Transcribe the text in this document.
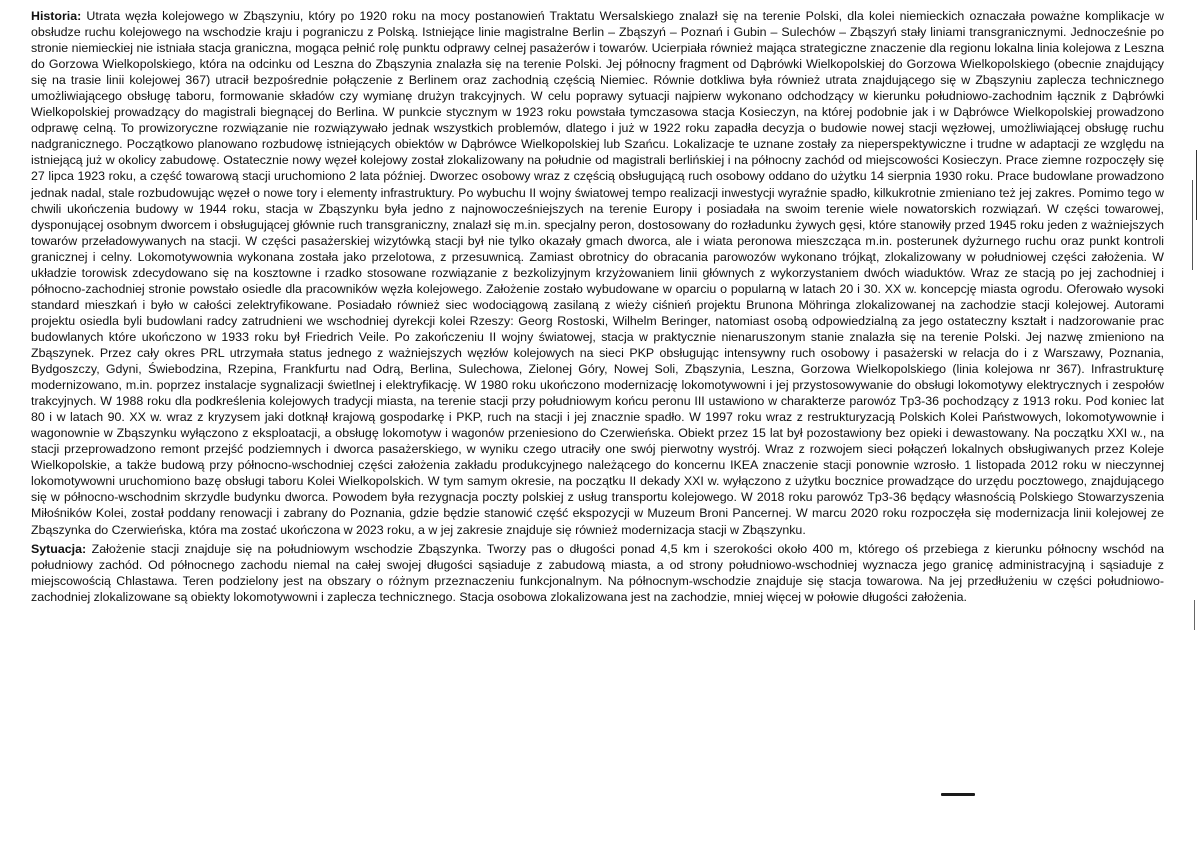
Historia: Utrata węzła kolejowego w Zbąszyniu, który po 1920 roku na mocy postanowień Traktatu Wersalskiego znalazł się na terenie Polski, dla kolei niemieckich oznaczała poważne komplikacje w obsłudze ruchu kolejowego na wschodzie kraju i pograniczu z Polską. Istniejące linie magistralne Berlin – Zbąszyń – Poznań i Gubin – Sulechów – Zbąszyń stały liniami transgranicznymi. Jednocześnie po stronie niemieckiej nie istniała stacja graniczna, mogąca pełnić rolę punktu odprawy celnej pasażerów i towarów. Ucierpiała również mająca strategiczne znaczenie dla regionu lokalna linia kolejowa z Leszna do Gorzowa Wielkopolskiego, która na odcinku od Leszna do Zbąszynia znalazła się na terenie Polski. Jej północny fragment od Dąbrówki Wielkopolskiej do Gorzowa Wielkopolskiego (obecnie znajdujący się na trasie linii kolejowej 367) utracił bezpośrednie połączenie z Berlinem oraz zachodnią częścią Niemiec. Równie dotkliwa była również utrata znajdującego się w Zbąszyniu zaplecza technicznego umożliwiającego obsługę taboru, formowanie składów czy wymianę drużyn trakcyjnych. W celu poprawy sytuacji najpierw wykonano odchodzący w kierunku południowo-zachodnim łącznik z Dąbrówki Wielkopolskiej prowadzący do magistrali biegnącej do Berlina. W punkcie stycznym w 1923 roku powstała tymczasowa stacja Kosieczyn, na której podobnie jak i w Dąbrówce Wielkopolskiej prowadzono odprawę celną. To prowizoryczne rozwiązanie nie rozwiązywało jednak wszystkich problemów, dlatego i już w 1922 roku zapadła decyzja o budowie nowej stacji węzłowej, umożliwiającej obsługę ruchu nadgranicznego. Początkowo planowano rozbudowę istniejących obiektów w Dąbrówce Wielkopolskiej lub Szańcu. Lokalizacje te uznane zostały za nieperspektywiczne i trudne w adaptacji ze względu na istniejącą już w okolicy zabudowę. Ostatecznie nowy węzeł kolejowy został zlokalizowany na południe od magistrali berlińskiej i na północny zachód od miejscowości Kosieczyn. Prace ziemne rozpoczęły się 27 lipca 1923 roku, a część towarową stacji uruchomiono 2 lata później. Dworzec osobowy wraz z częścią obsługującą ruch osobowy oddano do użytku 14 sierpnia 1930 roku. Prace budowlane prowadzono jednak nadal, stale rozbudowując węzeł o nowe tory i elementy infrastruktury. Po wybuchu II wojny światowej tempo realizacji inwestycji wyraźnie spadło, kilkukrotnie zmieniano też jej zakres. Pomimo tego w chwili ukończenia budowy w 1944 roku, stacja w Zbąszynku była jedno z najnowocześniejszych na terenie Europy i posiadała na swoim terenie wiele nowatorskich rozwiązań. W części towarowej, dysponującej osobnym dworcem i obsługującej głównie ruch transgraniczny, znalazł się m.in. specjalny peron, dostosowany do rozładunku żywych gęsi, które stanowiły przed 1945 roku jeden z ważniejszych towarów przeładowywanych na stacji. W części pasażerskiej wizytówką stacji był nie tylko okazały gmach dworca, ale i wiata peronowa mieszcząca m.in. posterunek dyżurnego ruchu oraz punkt kontroli granicznej i celny. Lokomotywownia wykonana została jako przelotowa, z przesuwnicą. Zamiast obrotnicy do obracania parowozów wykonano trójkąt, zlokalizowany w południowej części założenia. W układzie torowisk zdecydowano się na kosztowne i rzadko stosowane rozwiązanie z bezkolizyjnym krzyżowaniem linii głównych z wykorzystaniem dwóch wiaduktów. Wraz ze stacją po jej zachodniej i północno-zachodniej stronie powstało osiedle dla pracowników węzła kolejowego. Założenie zostało wybudowane w oparciu o popularną w latach 20 i 30. XX w. koncepcję miasta ogrodu. Oferowało wysoki standard mieszkań i było w całości zelektryfikowane. Posiadało również siec wodociągową zasilaną z wieży ciśnień projektu Brunona Möhringa zlokalizowanej na zachodzie stacji kolejowej. Autorami projektu osiedla byli budowlani radcy zatrudnieni we wschodniej dyrekcji kolei Rzeszy: Georg Rostoski, Wilhelm Beringer, natomiast osobą odpowiedzialną za jego ostateczny kształt i nadzorowanie prac budowlanych które ukończono w 1933 roku był Friedrich Veile. Po zakończeniu II wojny światowej, stacja w praktycznie nienaruszonym stanie znalazła się na terenie Polski. Jej nazwę zmieniono na Zbąszynek. Przez cały okres PRL utrzymała status jednego z ważniejszych węzłów kolejowych na sieci PKP obsługując intensywny ruch osobowy i pasażerski w relacja do i z Warszawy, Poznania, Bydgoszczy, Gdyni, Świebodzina, Rzepina, Frankfurtu nad Odrą, Berlina, Sulechowa, Zielonej Góry, Nowej Soli, Zbąszynia, Leszna, Gorzowa Wielkopolskiego (linia kolejowa nr 367). Infrastrukturę modernizowano, m.in. poprzez instalacje sygnalizacji świetlnej i elektryfikację. W 1980 roku ukończono modernizację lokomotywowni i jej przystosowywanie do obsługi lokomotywy elektrycznych i zespołów trakcyjnych. W 1988 roku dla podkreślenia kolejowych tradycji miasta, na terenie stacji przy południowym końcu peronu III ustawiono w charakterze parowóz Tp3-36 pochodzący z 1913 roku. Pod koniec lat 80 i w latach 90. XX w. wraz z kryzysem jaki dotknął krajową gospodarkę i PKP, ruch na stacji i jej znacznie spadło. W 1997 roku wraz z restrukturyzacją Polskich Kolei Państwowych, lokomotywownie i wagonownie w Zbąszynku wyłączono z eksploatacji, a obsługę lokomotyw i wagonów przeniesiono do Czerwieńska. Obiekt przez 15 lat był pozostawiony bez opieki i dewastowany. Na początku XXI w., na stacji przeprowadzono remont przejść podziemnych i dworca pasażerskiego, w wyniku czego utraciły one swój pierwotny wystrój. Wraz z rozwojem sieci połączeń lokalnych obsługiwanych przez Koleje Wielkopolskie, a także budową przy północno-wschodniej części założenia zakładu produkcyjnego należącego do koncernu IKEA znaczenie stacji ponownie wzrosło. 1 listopada 2012 roku w nieczynnej lokomotywowni uruchomiono bazę obsługi taboru Kolei Wielkopolskich. W tym samym okresie, na początku II dekady XXI w. wyłączono z użytku bocznice prowadzące do urzędu pocztowego, znajdującego się w północno-wschodnim skrzydle budynku dworca. Powodem była rezygnacja poczty polskiej z usług transportu kolejowego. W 2018 roku parowóz Tp3-36 będący własnością Polskiego Stowarzyszenia Miłośników Kolei, został poddany renowacji i zabrany do Poznania, gdzie będzie stanowić część ekspozycji w Muzeum Broni Pancernej. W marcu 2020 roku rozpoczęła się modernizacja linii kolejowej ze Zbąszynka do Czerwieńska, która ma zostać ukończona w 2023 roku, a w jej zakresie znajduje się również modernizacja stacji w Zbąszynku.

Sytuacja: Założenie stacji znajduje się na południowym wschodzie Zbąszynka. Tworzy pas o długości ponad 4,5 km i szerokości około 400 m, którego oś przebiega z kierunku północny wschód na południowy zachód. Od północnego zachodu niemal na całej swojej długości sąsiaduje z zabudową miasta, a od strony południowo-wschodniej wyznacza jego granicę administracyjną i sąsiaduje z miejscowością Chlastawa. Teren podzielony jest na obszary o różnym przeznaczeniu funkcjonalnym. Na północnym-wschodzie znajduje się stacja towarowa. Na jej przedłużeniu w części południowo-zachodniej zlokalizowane są obiekty lokomotywowni i zaplecza technicznego. Stacja osobowa zlokalizowana jest na zachodzie, mniej więcej w połowie długości założenia.
